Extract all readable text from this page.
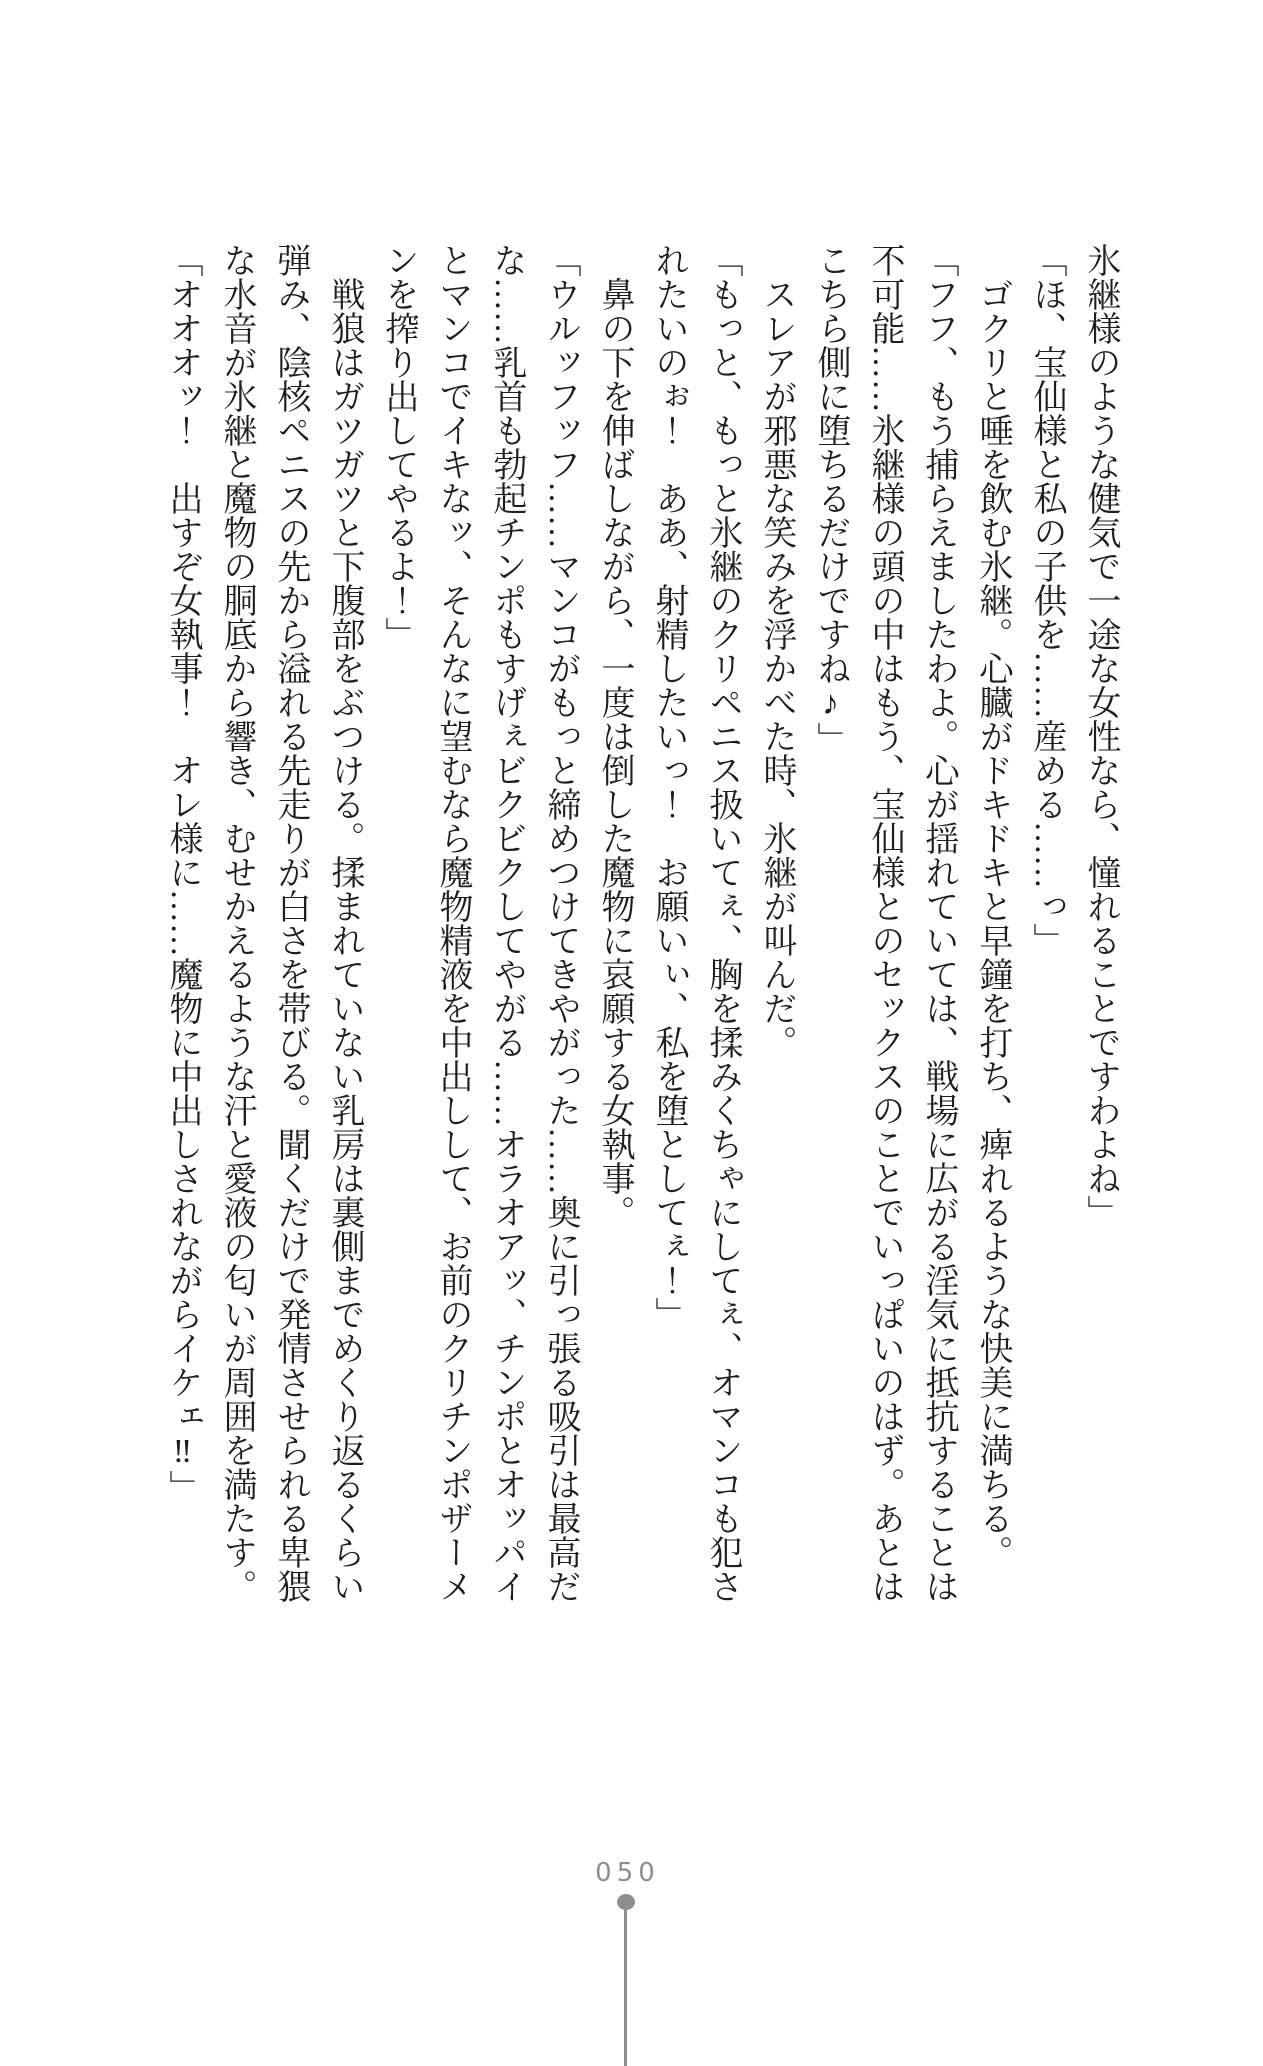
氷継様のような健気で一途な女性なら、憧れることですわよね」

「ほ、宝仙様と私の子供を……産める……っ」

　ゴクリと唾を飲む氷継。心臓がドキドキと早鐘を打ち、痺れるような快美に満ちる。

「フフ、もう捕らえましたわよ。心が揺れていては、戦場に広がる淫気に抵抗することは

不可能……氷継様の頭の中はもう、宝仙様とのセックスのことでいっぱいのはず。あとは

こちら側に堕ちるだけですね♪」

　スレアが邪悪な笑みを浮かべた時、氷継が叫んだ。

「もっと、もっと氷継のクリペニス扱いてぇ、胸を揉みくちゃにしてぇ、オマンコも犯さ

れたいのぉ！　ああ、射精したいっ！　お願いぃ、私を堕としてぇ！」

　鼻の下を伸ばしながら、一度は倒した魔物に哀願する女執事。

「ウルッフッフ……マンコがもっと締めつけてきやがった……奥に引っ張る吸引は最高だ

な……乳首も勃起チンポもすげぇビクビクしてやがる……オラオアッ、チンポとオッパイ

とマンコでイキなッ、そんなに望むなら魔物精液を中出しして、お前のクリチンポザーメ

ンを搾り出してやるよ！」

　戦狼はガツガツと下腹部をぶつける。揉まれていない乳房は裏側までめくり返るくらい

弾み、陰核ペニスの先から溢れる先走りが白さを帯びる。聞くだけで発情させられる卑猥

な水音が氷継と魔物の胴底から響き、むせかえるような汗と愛液の匂いが周囲を満たす。

「オオオッ！　出すぞ女執事！　オレ様に……魔物に中出しされながらイケェ‼」

050
